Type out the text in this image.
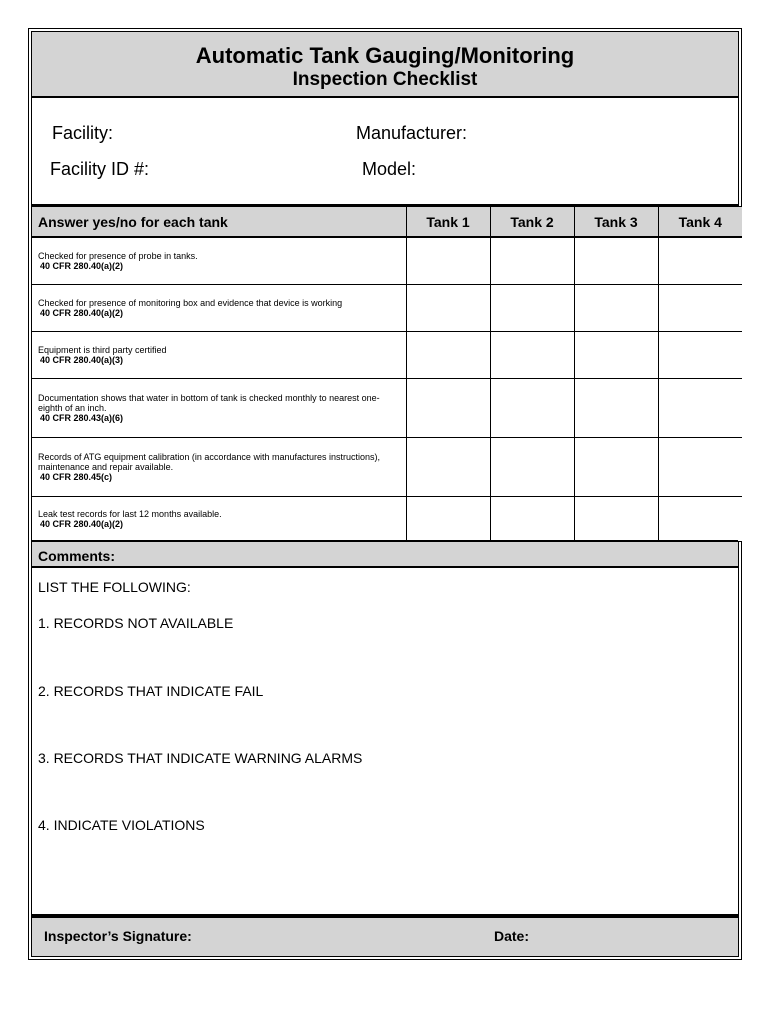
Automatic Tank Gauging/Monitoring
Inspection Checklist
Facility:	Manufacturer:
Facility ID #:	Model:
Answer yes/no for each tank	Tank 1	Tank 2	Tank 3	Tank 4

Checked for presence of probe in tanks.
40 CFR 280.40(a)(2)				

Checked for presence of monitoring box and evidence that device is working
40 CFR 280.40(a)(2)				

Equipment is third party certified
40 CFR 280.40(a)(3)				

Documentation shows that water in bottom of tank is checked monthly to nearest one-eighth of an inch.
40 CFR 280.43(a)(6)				

Records of ATG equipment calibration (in accordance with manufactures instructions), maintenance and repair available.
40 CFR 280.45(c)				

Leak test records for last 12 months available.
40 CFR 280.40(a)(2)				

Comments:
LIST THE FOLLOWING:
1. RECORDS NOT AVAILABLE
2. RECORDS THAT INDICATE FAIL
3. RECORDS THAT INDICATE WARNING ALARMS
4. INDICATE VIOLATIONS
Inspector’s Signature:	Date:
